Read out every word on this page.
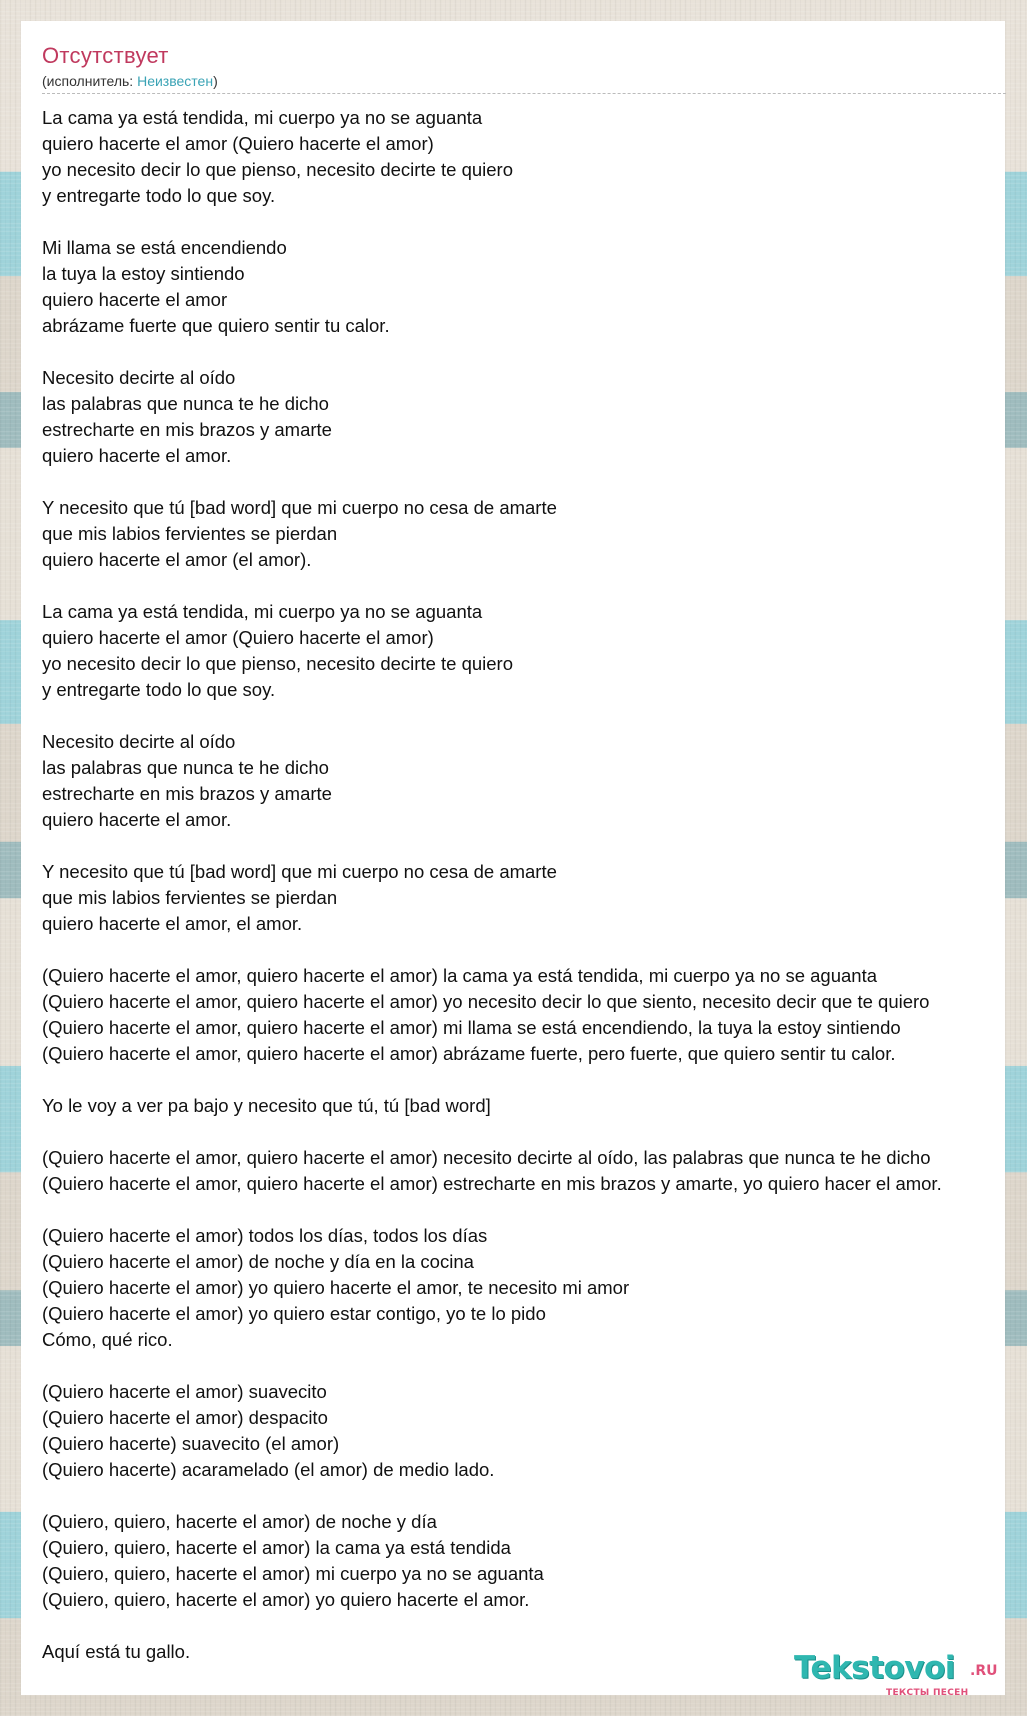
Отсутствует
(исполнитель: Неизвестен)
La cama ya está tendida, mi cuerpo ya no se aguanta
quiero hacerte el amor (Quiero hacerte el amor)
yo necesito decir lo que pienso, necesito decirte te quiero
y entregarte todo lo que soy.

Mi llama se está encendiendo
la tuya la estoy sintiendo
quiero hacerte el amor
abrázame fuerte que quiero sentir tu calor.

Necesito decirte al oído
las palabras que nunca te he dicho
estrecharte en mis brazos y amarte
quiero hacerte el amor.

Y necesito que tú [bad word] que mi cuerpo no cesa de amarte
que mis labios fervientes se pierdan
quiero hacerte el amor (el amor).

La cama ya está tendida, mi cuerpo ya no se aguanta
quiero hacerte el amor (Quiero hacerte el amor)
yo necesito decir lo que pienso, necesito decirte te quiero
y entregarte todo lo que soy.

Necesito decirte al oído
las palabras que nunca te he dicho
estrecharte en mis brazos y amarte
quiero hacerte el amor.

Y necesito que tú [bad word] que mi cuerpo no cesa de amarte
que mis labios fervientes se pierdan
quiero hacerte el amor, el amor.

(Quiero hacerte el amor, quiero hacerte el amor) la cama ya está tendida, mi cuerpo ya no se aguanta
(Quiero hacerte el amor, quiero hacerte el amor) yo necesito decir lo que siento, necesito decir que te quiero
(Quiero hacerte el amor, quiero hacerte el amor) mi llama se está encendiendo, la tuya la estoy sintiendo
(Quiero hacerte el amor, quiero hacerte el amor) abrázame fuerte, pero fuerte, que quiero sentir tu calor.

Yo le voy a ver pa bajo y necesito que tú, tú [bad word]

(Quiero hacerte el amor, quiero hacerte el amor) necesito decirte al oído, las palabras que nunca te he dicho
(Quiero hacerte el amor, quiero hacerte el amor) estrecharte en mis brazos y amarte, yo quiero hacer el amor.

(Quiero hacerte el amor) todos los días, todos los días
(Quiero hacerte el amor) de noche y día en la cocina
(Quiero hacerte el amor) yo quiero hacerte el amor, te necesito mi amor
(Quiero hacerte el amor) yo quiero estar contigo, yo te lo pido
Cómo, qué rico.

(Quiero hacerte el amor) suavecito
(Quiero hacerte el amor) despacito
(Quiero hacerte) suavecito (el amor)
(Quiero hacerte) acaramelado (el amor) de medio lado.

(Quiero, quiero, hacerte el amor) de noche y día
(Quiero, quiero, hacerte el amor) la cama ya está tendida
(Quiero, quiero, hacerte el amor) mi cuerpo ya no se aguanta
(Quiero, quiero, hacerte el amor) yo quiero hacerte el amor.

Aquí está tu gallo.	Tekstovoi .RU
ТЕКСТЫ ПЕСЕН
